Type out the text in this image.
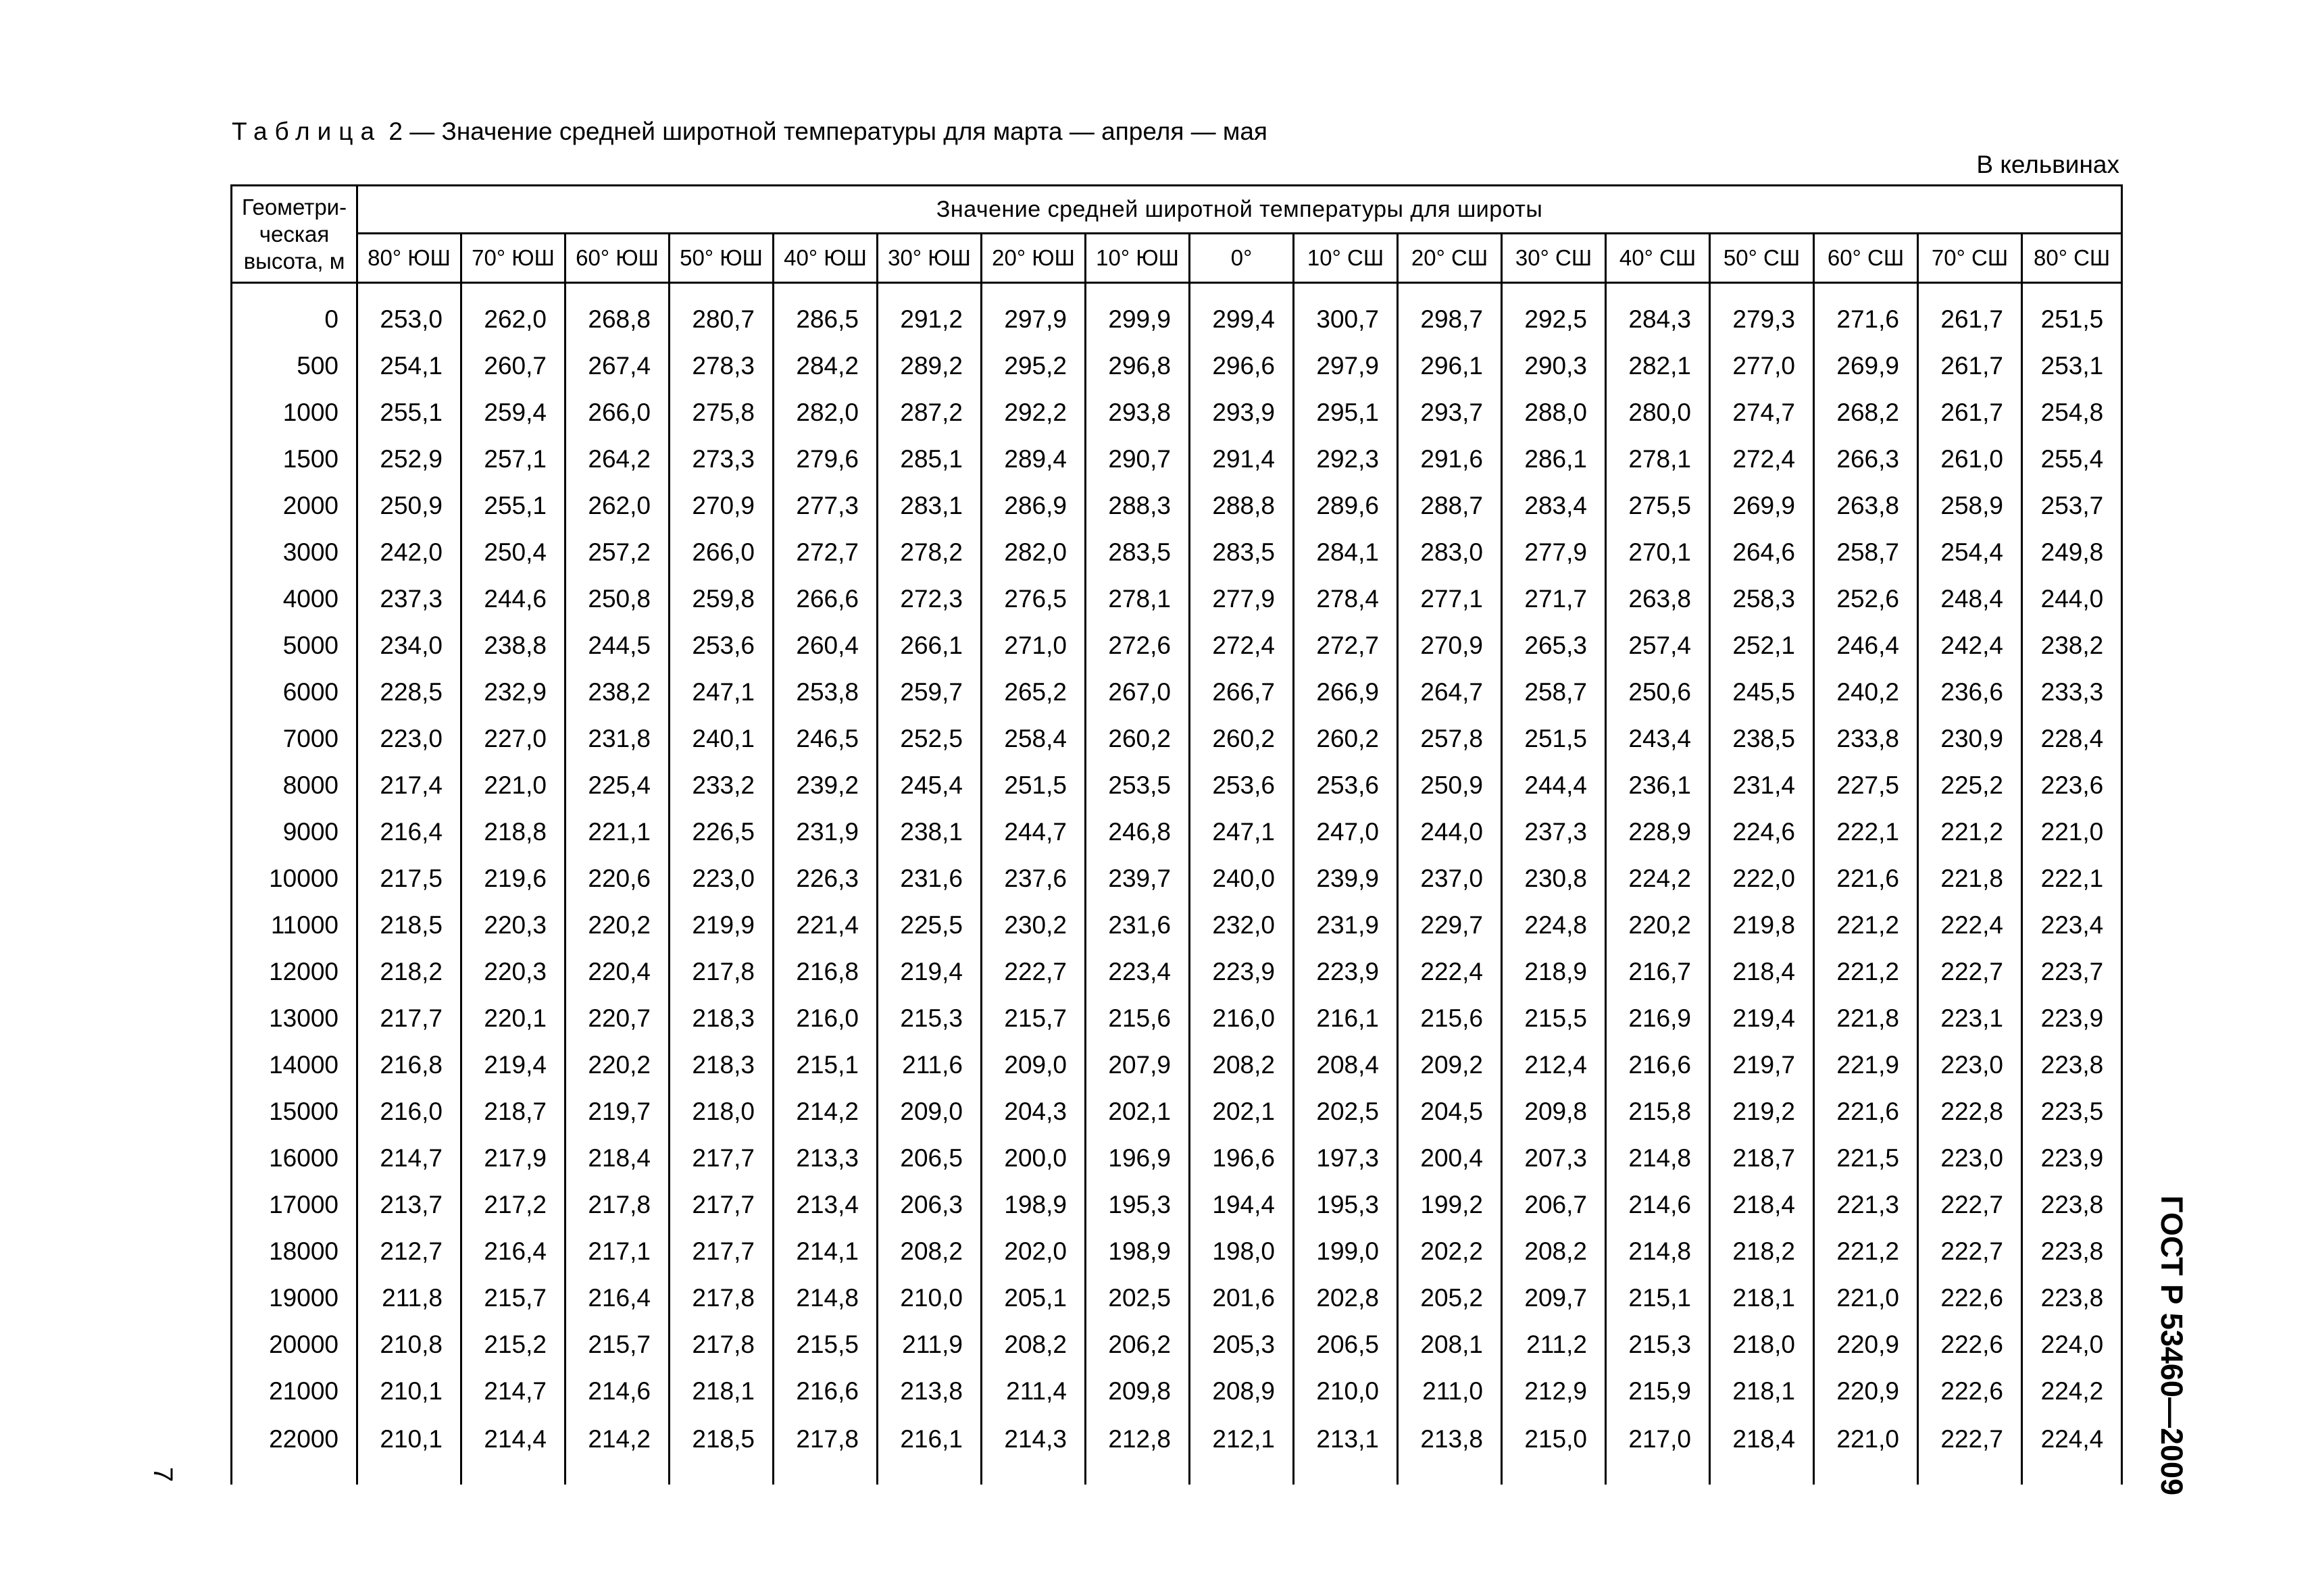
Таблица 2 — Значение средней широтной температуры для марта — апреля — мая
В кельвинах
Геометри-ческая высота, м	Значение средней широтной температуры для широты																
	80° ЮШ	70° ЮШ	60° ЮШ	50° ЮШ	40° ЮШ	30° ЮШ	20° ЮШ	10° ЮШ	0°	10° СШ	20° СШ	30° СШ	40° СШ	50° СШ	60° СШ	70° СШ	80° СШ

0	253,0	262,0	268,8	280,7	286,5	291,2	297,9	299,9	299,4	300,7	298,7	292,5	284,3	279,3	271,6	261,7	251,5
500	254,1	260,7	267,4	278,3	284,2	289,2	295,2	296,8	296,6	297,9	296,1	290,3	282,1	277,0	269,9	261,7	253,1
1000	255,1	259,4	266,0	275,8	282,0	287,2	292,2	293,8	293,9	295,1	293,7	288,0	280,0	274,7	268,2	261,7	254,8
1500	252,9	257,1	264,2	273,3	279,6	285,1	289,4	290,7	291,4	292,3	291,6	286,1	278,1	272,4	266,3	261,0	255,4
2000	250,9	255,1	262,0	270,9	277,3	283,1	286,9	288,3	288,8	289,6	288,7	283,4	275,5	269,9	263,8	258,9	253,7
3000	242,0	250,4	257,2	266,0	272,7	278,2	282,0	283,5	283,5	284,1	283,0	277,9	270,1	264,6	258,7	254,4	249,8
4000	237,3	244,6	250,8	259,8	266,6	272,3	276,5	278,1	277,9	278,4	277,1	271,7	263,8	258,3	252,6	248,4	244,0
5000	234,0	238,8	244,5	253,6	260,4	266,1	271,0	272,6	272,4	272,7	270,9	265,3	257,4	252,1	246,4	242,4	238,2
6000	228,5	232,9	238,2	247,1	253,8	259,7	265,2	267,0	266,7	266,9	264,7	258,7	250,6	245,5	240,2	236,6	233,3
7000	223,0	227,0	231,8	240,1	246,5	252,5	258,4	260,2	260,2	260,2	257,8	251,5	243,4	238,5	233,8	230,9	228,4
8000	217,4	221,0	225,4	233,2	239,2	245,4	251,5	253,5	253,6	253,6	250,9	244,4	236,1	231,4	227,5	225,2	223,6
9000	216,4	218,8	221,1	226,5	231,9	238,1	244,7	246,8	247,1	247,0	244,0	237,3	228,9	224,6	222,1	221,2	221,0
10000	217,5	219,6	220,6	223,0	226,3	231,6	237,6	239,7	240,0	239,9	237,0	230,8	224,2	222,0	221,6	221,8	222,1
11000	218,5	220,3	220,2	219,9	221,4	225,5	230,2	231,6	232,0	231,9	229,7	224,8	220,2	219,8	221,2	222,4	223,4
12000	218,2	220,3	220,4	217,8	216,8	219,4	222,7	223,4	223,9	223,9	222,4	218,9	216,7	218,4	221,2	222,7	223,7
13000	217,7	220,1	220,7	218,3	216,0	215,3	215,7	215,6	216,0	216,1	215,6	215,5	216,9	219,4	221,8	223,1	223,9
14000	216,8	219,4	220,2	218,3	215,1	211,6	209,0	207,9	208,2	208,4	209,2	212,4	216,6	219,7	221,9	223,0	223,8
15000	216,0	218,7	219,7	218,0	214,2	209,0	204,3	202,1	202,1	202,5	204,5	209,8	215,8	219,2	221,6	222,8	223,5
16000	214,7	217,9	218,4	217,7	213,3	206,5	200,0	196,9	196,6	197,3	200,4	207,3	214,8	218,7	221,5	223,0	223,9
17000	213,7	217,2	217,8	217,7	213,4	206,3	198,9	195,3	194,4	195,3	199,2	206,7	214,6	218,4	221,3	222,7	223,8
18000	212,7	216,4	217,1	217,7	214,1	208,2	202,0	198,9	198,0	199,0	202,2	208,2	214,8	218,2	221,2	222,7	223,8
19000	211,8	215,7	216,4	217,8	214,8	210,0	205,1	202,5	201,6	202,8	205,2	209,7	215,1	218,1	221,0	222,6	223,8
20000	210,8	215,2	215,7	217,8	215,5	211,9	208,2	206,2	205,3	206,5	208,1	211,2	215,3	218,0	220,9	222,6	224,0
21000	210,1	214,7	214,6	218,1	216,6	213,8	211,4	209,8	208,9	210,0	211,0	212,9	215,9	218,1	220,9	222,6	224,2
22000	210,1	214,4	214,2	218,5	217,8	216,1	214,3	212,8	212,1	213,1	213,8	215,0	217,0	218,4	221,0	222,7	224,4 ГОСТ Р 53460—2009
7
